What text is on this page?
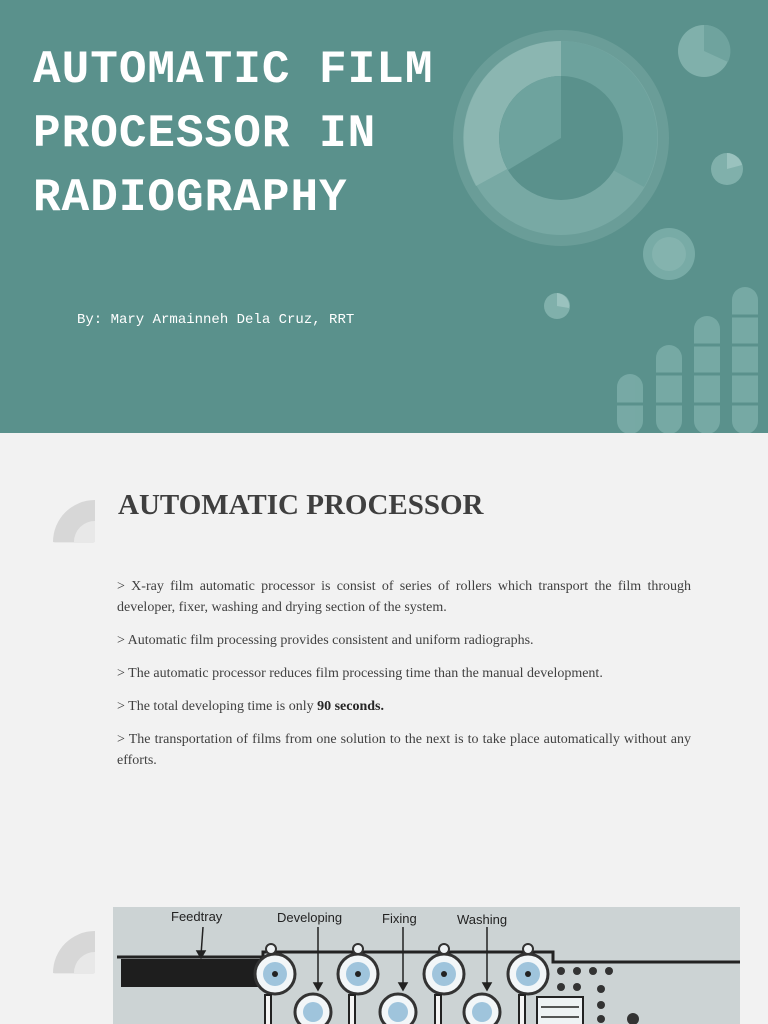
AUTOMATIC FILM PROCESSOR IN RADIOGRAPHY

By: Mary Armainneh Dela Cruz, RRT

AUTOMATIC PROCESSOR

> X-ray film automatic processor is consist of series of rollers which transport the film through developer, fixer, washing and drying section of the system.

> Automatic film processing provides consistent and uniform radiographs.

> The automatic processor reduces film processing time than the manual development.

> The total developing time is only 90 seconds.

> The transportation of films from one solution to the next is to take place automatically without any efforts.

Feedtray	Developing	Fixing	Washing
